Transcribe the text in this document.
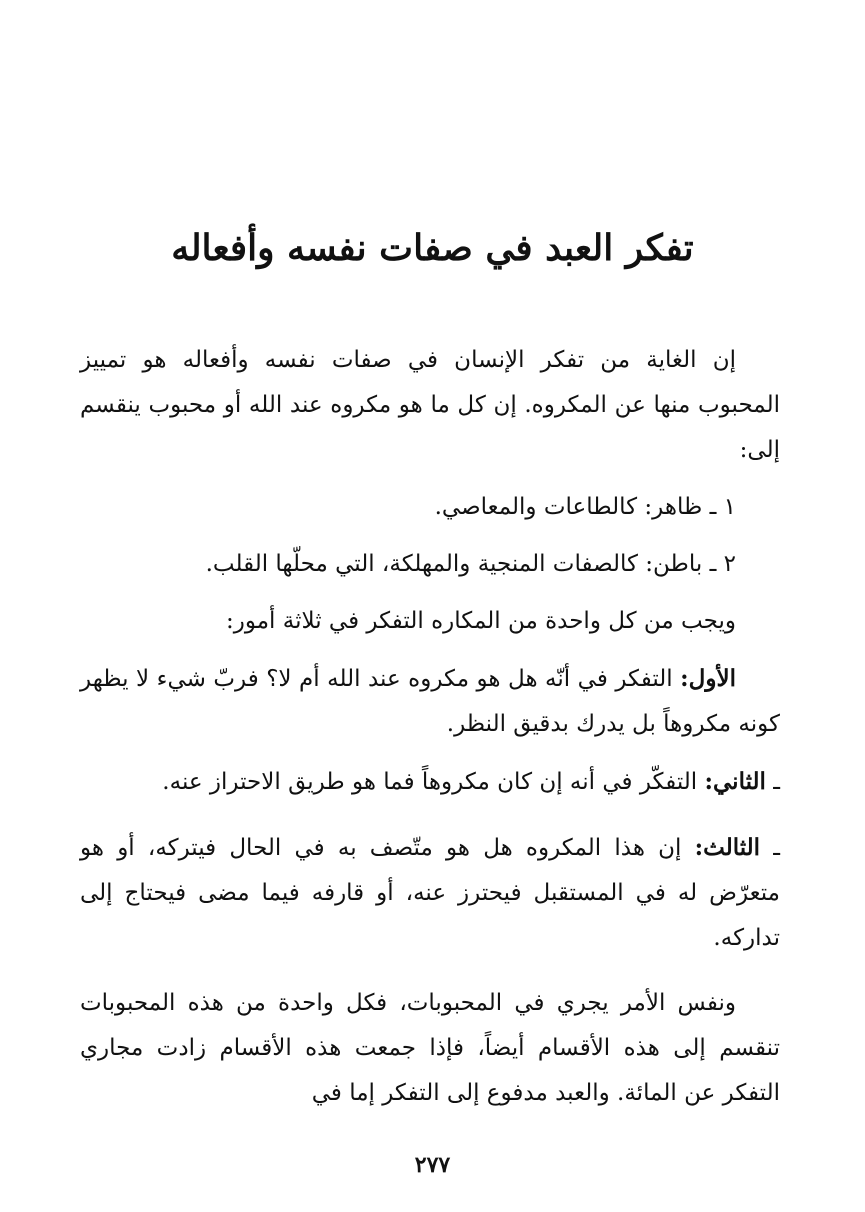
تفكر العبد في صفات نفسه وأفعاله

إن الغاية من تفكر الإنسان في صفات نفسه وأفعاله هو تمييز المحبوب منها عن المكروه. إن كل ما هو مكروه عند الله أو محبوب ينقسم إلى:

١ ـ ظاهر: كالطاعات والمعاصي.

٢ ـ باطن: كالصفات المنجية والمهلكة، التي محلّها القلب.

ويجب من كل واحدة من المكاره التفكر في ثلاثة أمور:

الأول: التفكر في أنّه هل هو مكروه عند الله أم لا؟ فربّ شيء لا يظهر كونه مكروهاً بل يدرك بدقيق النظر.

ـ الثاني: التفكّر في أنه إن كان مكروهاً فما هو طريق الاحتراز عنه.

ـ الثالث: إن هذا المكروه هل هو متّصف به في الحال فيتركه، أو هو متعرّض له في المستقبل فيحترز عنه، أو قارفه فيما مضى فيحتاج إلى تداركه.

ونفس الأمر يجري في المحبوبات، فكل واحدة من هذه المحبوبات تنقسم إلى هذه الأقسام أيضاً، فإذا جمعت هذه الأقسام زادت مجاري التفكر عن المائة. والعبد مدفوع إلى التفكر إما في

٢٧٧
